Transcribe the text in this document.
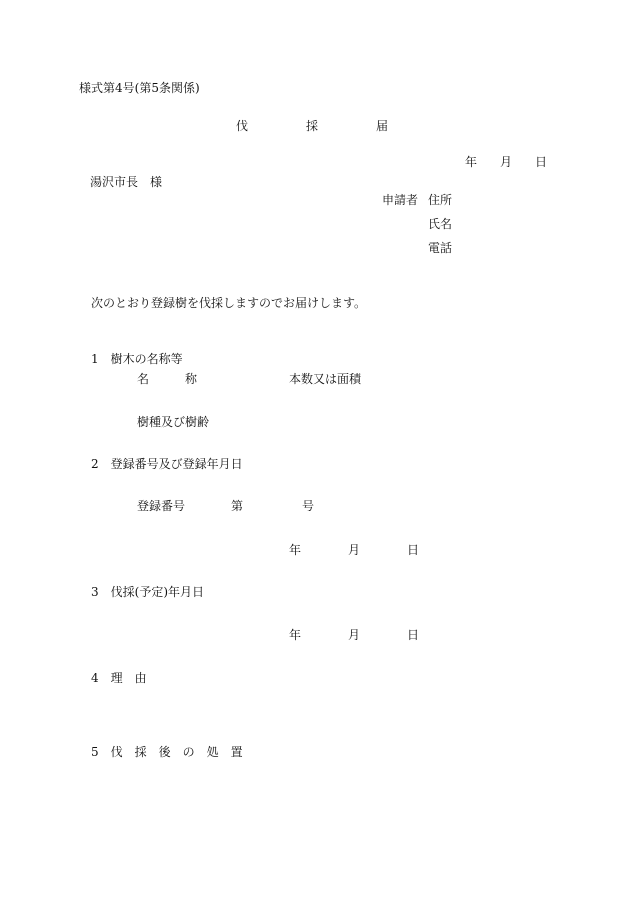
様式第4号(第5条関係)
伐	採	届
年 月 日
湯沢市長　様
申請者 住所
氏名
電話
次のとおり登録樹を伐採しますのでお届けします。
1　樹木の名称等
名　　　称	本数又は面積
樹種及び樹齢
2　登録番号及び登録年月日
登録番号	第	号
年	月	日
3　伐採(予定)年月日
年	月	日
4　理　由
5　伐　採　後　の　処　置
